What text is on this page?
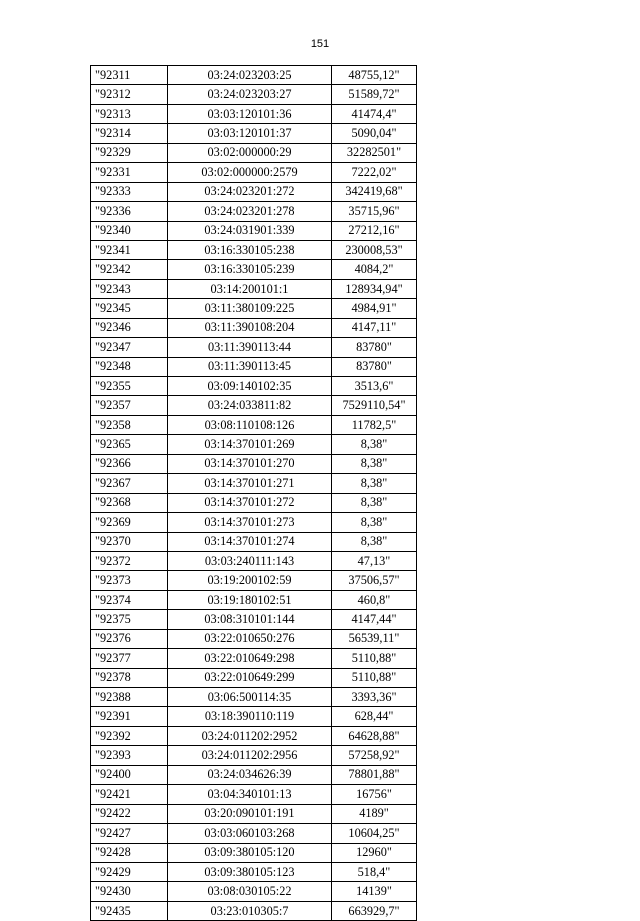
151
"92311	03:24:023203:25	48755,12"
"92312	03:24:023203:27	51589,72"
"92313	03:03:120101:36	41474,4"
"92314	03:03:120101:37	5090,04"
"92329	03:02:000000:29	32282501"
"92331	03:02:000000:2579	7222,02"
"92333	03:24:023201:272	342419,68"
"92336	03:24:023201:278	35715,96"
"92340	03:24:031901:339	27212,16"
"92341	03:16:330105:238	230008,53"
"92342	03:16:330105:239	4084,2"
"92343	03:14:200101:1	128934,94"
"92345	03:11:380109:225	4984,91"
"92346	03:11:390108:204	4147,11"
"92347	03:11:390113:44	83780"
"92348	03:11:390113:45	83780"
"92355	03:09:140102:35	3513,6"
"92357	03:24:033811:82	7529110,54"
"92358	03:08:110108:126	11782,5"
"92365	03:14:370101:269	8,38"
"92366	03:14:370101:270	8,38"
"92367	03:14:370101:271	8,38"
"92368	03:14:370101:272	8,38"
"92369	03:14:370101:273	8,38"
"92370	03:14:370101:274	8,38"
"92372	03:03:240111:143	47,13"
"92373	03:19:200102:59	37506,57"
"92374	03:19:180102:51	460,8"
"92375	03:08:310101:144	4147,44"
"92376	03:22:010650:276	56539,11"
"92377	03:22:010649:298	5110,88"
"92378	03:22:010649:299	5110,88"
"92388	03:06:500114:35	3393,36"
"92391	03:18:390110:119	628,44"
"92392	03:24:011202:2952	64628,88"
"92393	03:24:011202:2956	57258,92"
"92400	03:24:034626:39	78801,88"
"92421	03:04:340101:13	16756"
"92422	03:20:090101:191	4189"
"92427	03:03:060103:268	10604,25"
"92428	03:09:380105:120	12960"
"92429	03:09:380105:123	518,4"
"92430	03:08:030105:22	14139"
"92435	03:23:010305:7	663929,7"
